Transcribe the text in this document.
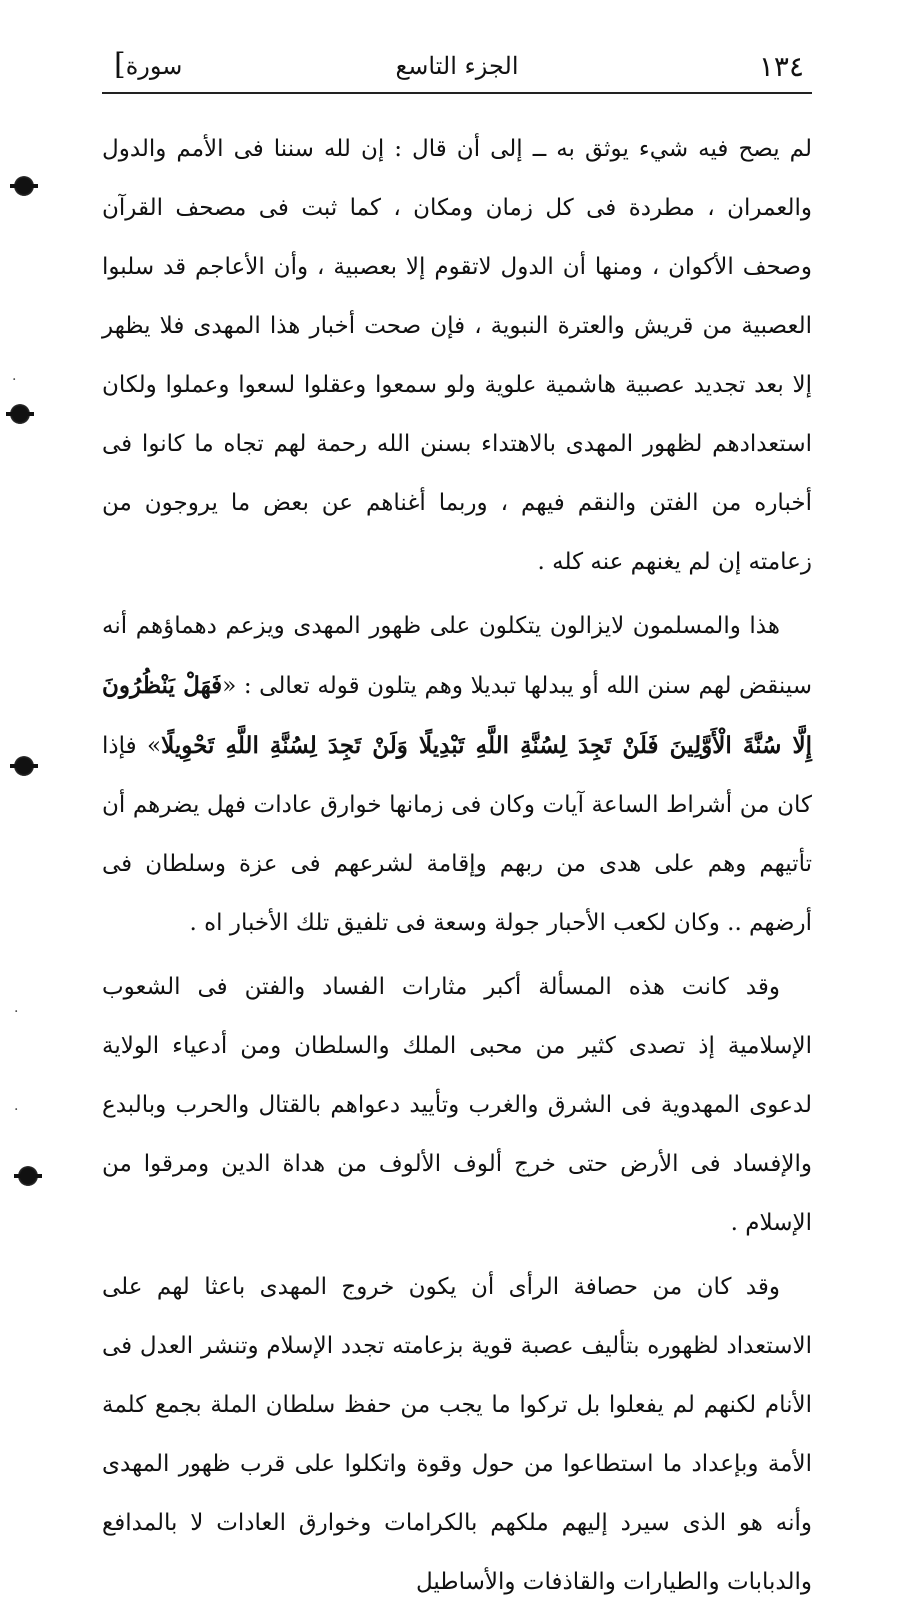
[سورة	الجزء التاسع	١٣٤

لم يصح فيه شيء يوثق به ــ إلى أن قال : إن لله سننا فى الأمم والدول والعمران ، مطردة فى كل زمان ومكان ، كما ثبت فى مصحف القرآن وصحف الأكوان ، ومنها أن الدول لاتقوم إلا بعصبية ، وأن الأعاجم قد سلبوا العصبية من قريش والعترة النبوية ، فإن صحت أخبار هذا المهدى فلا يظهر إلا بعد تجديد عصبية هاشمية علوية ولو سمعوا وعقلوا لسعوا وعملوا ولكان استعدادهم لظهور المهدى بالاهتداء بسنن الله رحمة لهم تجاه ما كانوا فى أخباره من الفتن والنقم فيهم ، وربما أغناهم عن بعض ما يروجون من زعامته إن لم يغنهم عنه كله .

هذا والمسلمون لايزالون يتكلون على ظهور المهدى ويزعم دهماؤهم أنه سينقض لهم سنن الله أو يبدلها تبديلا وهم يتلون قوله تعالى : «فَهَلْ يَنْظُرُونَ إِلَّا سُنَّةَ الْأَوَّلِينَ فَلَنْ تَجِدَ لِسُنَّةِ اللَّهِ تَبْدِيلًا وَلَنْ تَجِدَ لِسُنَّةِ اللَّهِ تَحْوِيلًا» فإذا كان من أشراط الساعة آيات وكان فى زمانها خوارق عادات فهل يضرهم أن تأتيهم وهم على هدى من ربهم وإقامة لشرعهم فى عزة وسلطان فى أرضهم .. وكان لكعب الأحبار جولة وسعة فى تلفيق تلك الأخبار اه .

وقد كانت هذه المسألة أكبر مثارات الفساد والفتن فى الشعوب الإسلامية إذ تصدى كثير من محبى الملك والسلطان ومن أدعياء الولاية لدعوى المهدوية فى الشرق والغرب وتأييد دعواهم بالقتال والحرب وبالبدع والإفساد فى الأرض حتى خرج ألوف الألوف من هداة الدين ومرقوا من الإسلام .

وقد كان من حصافة الرأى أن يكون خروج المهدى باعثا لهم على الاستعداد لظهوره بتأليف عصبة قوية بزعامته تجدد الإسلام وتنشر العدل فى الأنام لكنهم لم يفعلوا بل تركوا ما يجب من حفظ سلطان الملة بجمع كلمة الأمة وبإعداد ما استطاعوا من حول وقوة واتكلوا على قرب ظهور المهدى وأنه هو الذى سيرد إليهم ملكهم بالكرامات وخوارق العادات لا بالمدافع والدبابات والطيارات والقاذفات والأساطيل

·
·
·
